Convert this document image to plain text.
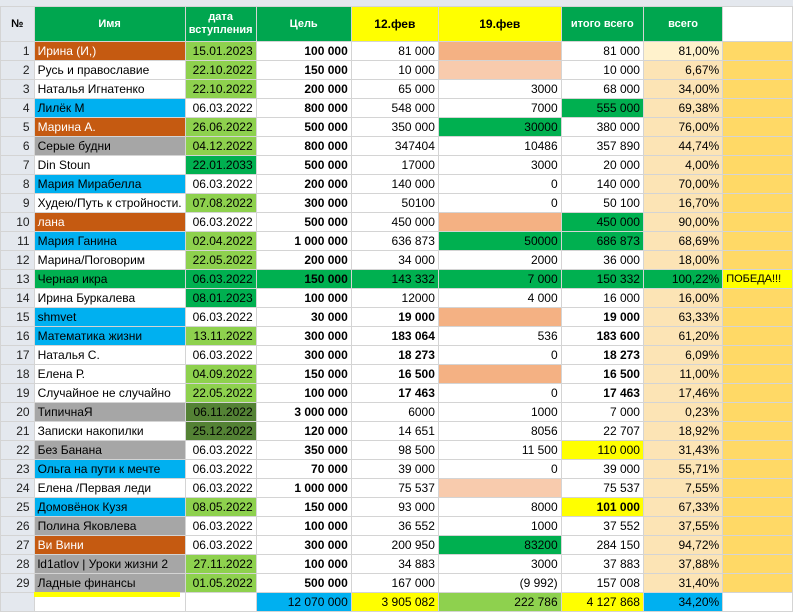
№	Имя	дата вступления	Цель	12.фев	19.фев	итого всего	всего	
1	Ирина (И,)	15.01.2023	100 000	81 000		81 000	81,00%	
2	Русь и православие	22.10.2022	150 000	10 000		10 000	6,67%	
3	Наталья Игнатенко	22.10.2022	200 000	65 000	3000	68 000	34,00%	
4	Лилёк М	06.03.2022	800 000	548 000	7000	555 000	69,38%	
5	Марина А.	26.06.2022	500 000	350 000	30000	380 000	76,00%	
6	Серые будни	04.12.2022	800 000	347404	10486	357 890	44,74%	
7	Din Stoun	22.01.2033	500 000	17000	3000	20 000	4,00%	
8	Мария Мирабелла	06.03.2022	200 000	140 000	0	140 000	70,00%	
9	Худею/Путь к стройности.	07.08.2022	300 000	50100	0	50 100	16,70%	
10	лана	06.03.2022	500 000	450 000		450 000	90,00%	
11	Мария Ганина	02.04.2022	1 000 000	636 873	50000	686 873	68,69%	
12	Марина/Поговорим	22.05.2022	200 000	34 000	2000	36 000	18,00%	
13	Черная икра	06.03.2022	150 000	143 332	7 000	150 332	100,22%	ПОБЕДА!!!
14	Ирина Буркалева	08.01.2023	100 000	12000	4 000	16 000	16,00%	
15	shmvet	06.03.2022	30 000	19 000		19 000	63,33%	
16	Математика жизни	13.11.2022	300 000	183 064	536	183 600	61,20%	
17	Наталья С.	06.03.2022	300 000	18 273	0	18 273	6,09%	
18	Елена Р.	04.09.2022	150 000	16 500		16 500	11,00%	
19	Случайное не случайно	22.05.2022	100 000	17 463	0	17 463	17,46%	
20	ТипичнаЯ	06.11.2022	3 000 000	6000	1000	7 000	0,23%	
21	Записки накопилки	25.12.2022	120 000	14 651	8056	22 707	18,92%	
22	Без Банана	06.03.2022	350 000	98 500	11 500	110 000	31,43%	
23	Ольга на пути к мечте	06.03.2022	70 000	39 000	0	39 000	55,71%	
24	Елена /Первая леди	06.03.2022	1 000 000	75 537		75 537	7,55%	
25	Домовёнок Кузя	08.05.2022	150 000	93 000	8000	101 000	67,33%	
26	Полина Яковлева	06.03.2022	100 000	36 552	1000	37 552	37,55%	
27	Ви Вини	06.03.2022	300 000	200 950	83200	284 150	94,72%	
28	ld1atlov | Уроки жизни 2	27.11.2022	100 000	34 883	3000	37 883	37,88%	
29	Ладные финансы	01.05.2022	500 000	167 000	(9 992)	157 008	31,40%	
			12 070 000	3 905 082	222 786	4 127 868	34,20%	
